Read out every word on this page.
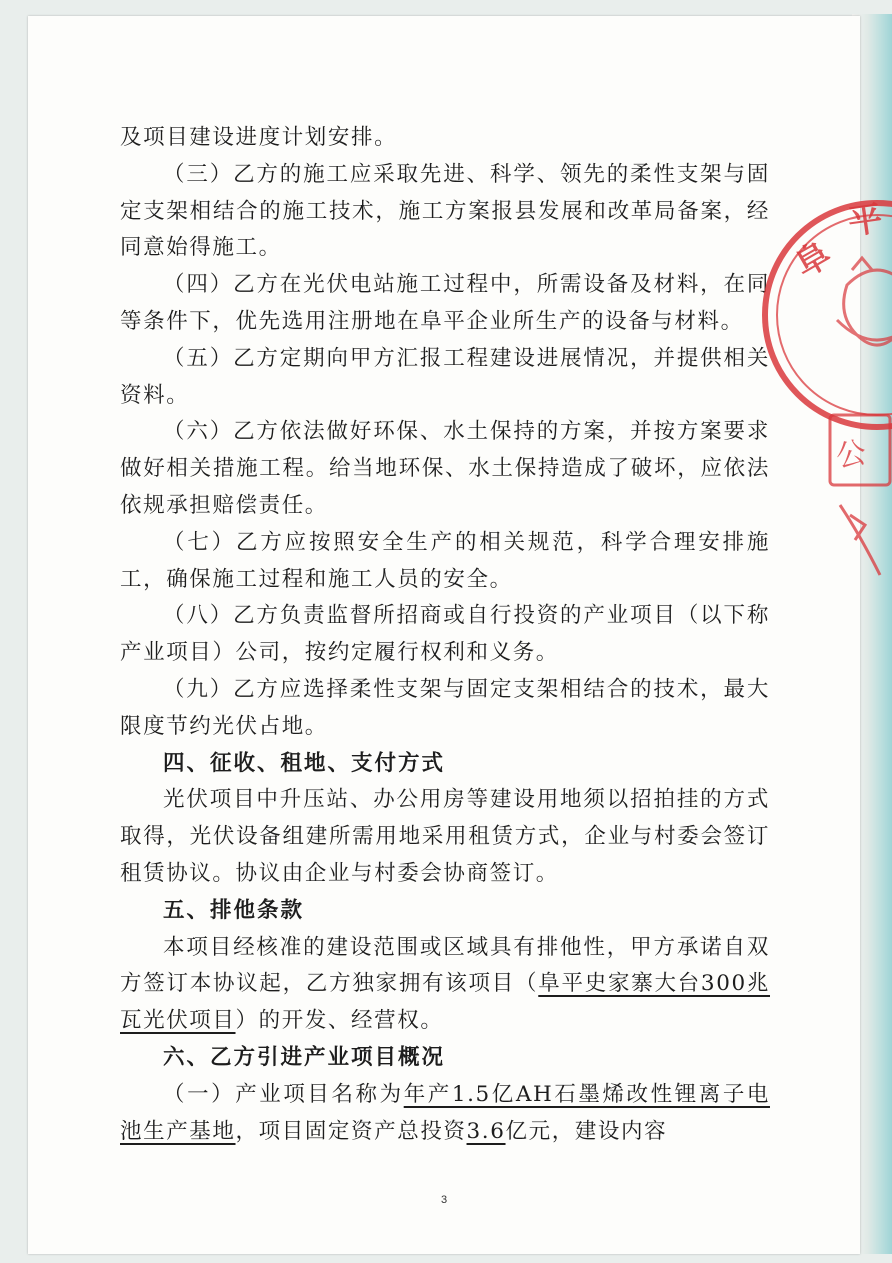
及项目建设进度计划安排。

（三）乙方的施工应采取先进、科学、领先的柔性支架与固定支架相结合的施工技术，施工方案报县发展和改革局备案，经同意始得施工。

（四）乙方在光伏电站施工过程中，所需设备及材料，在同等条件下，优先选用注册地在阜平企业所生产的设备与材料。

（五）乙方定期向甲方汇报工程建设进展情况，并提供相关资料。

（六）乙方依法做好环保、水土保持的方案，并按方案要求做好相关措施工程。给当地环保、水土保持造成了破坏，应依法依规承担赔偿责任。

（七）乙方应按照安全生产的相关规范，科学合理安排施工，确保施工过程和施工人员的安全。

（八）乙方负责监督所招商或自行投资的产业项目（以下称产业项目）公司，按约定履行权利和义务。

（九）乙方应选择柔性支架与固定支架相结合的技术，最大限度节约光伏占地。

四、征收、租地、支付方式

光伏项目中升压站、办公用房等建设用地须以招拍挂的方式取得，光伏设备组建所需用地采用租赁方式，企业与村委会签订租赁协议。协议由企业与村委会协商签订。

五、排他条款

本项目经核准的建设范围或区域具有排他性，甲方承诺自双方签订本协议起，乙方独家拥有该项目（阜平史家寨大台300兆瓦光伏项目）的开发、经营权。

六、乙方引进产业项目概况

（一）产业项目名称为年产1.5亿AH石墨烯改性锂离子电池生产基地，项目固定资产总投资3.6亿元，建设内容

3
阜
平
公
